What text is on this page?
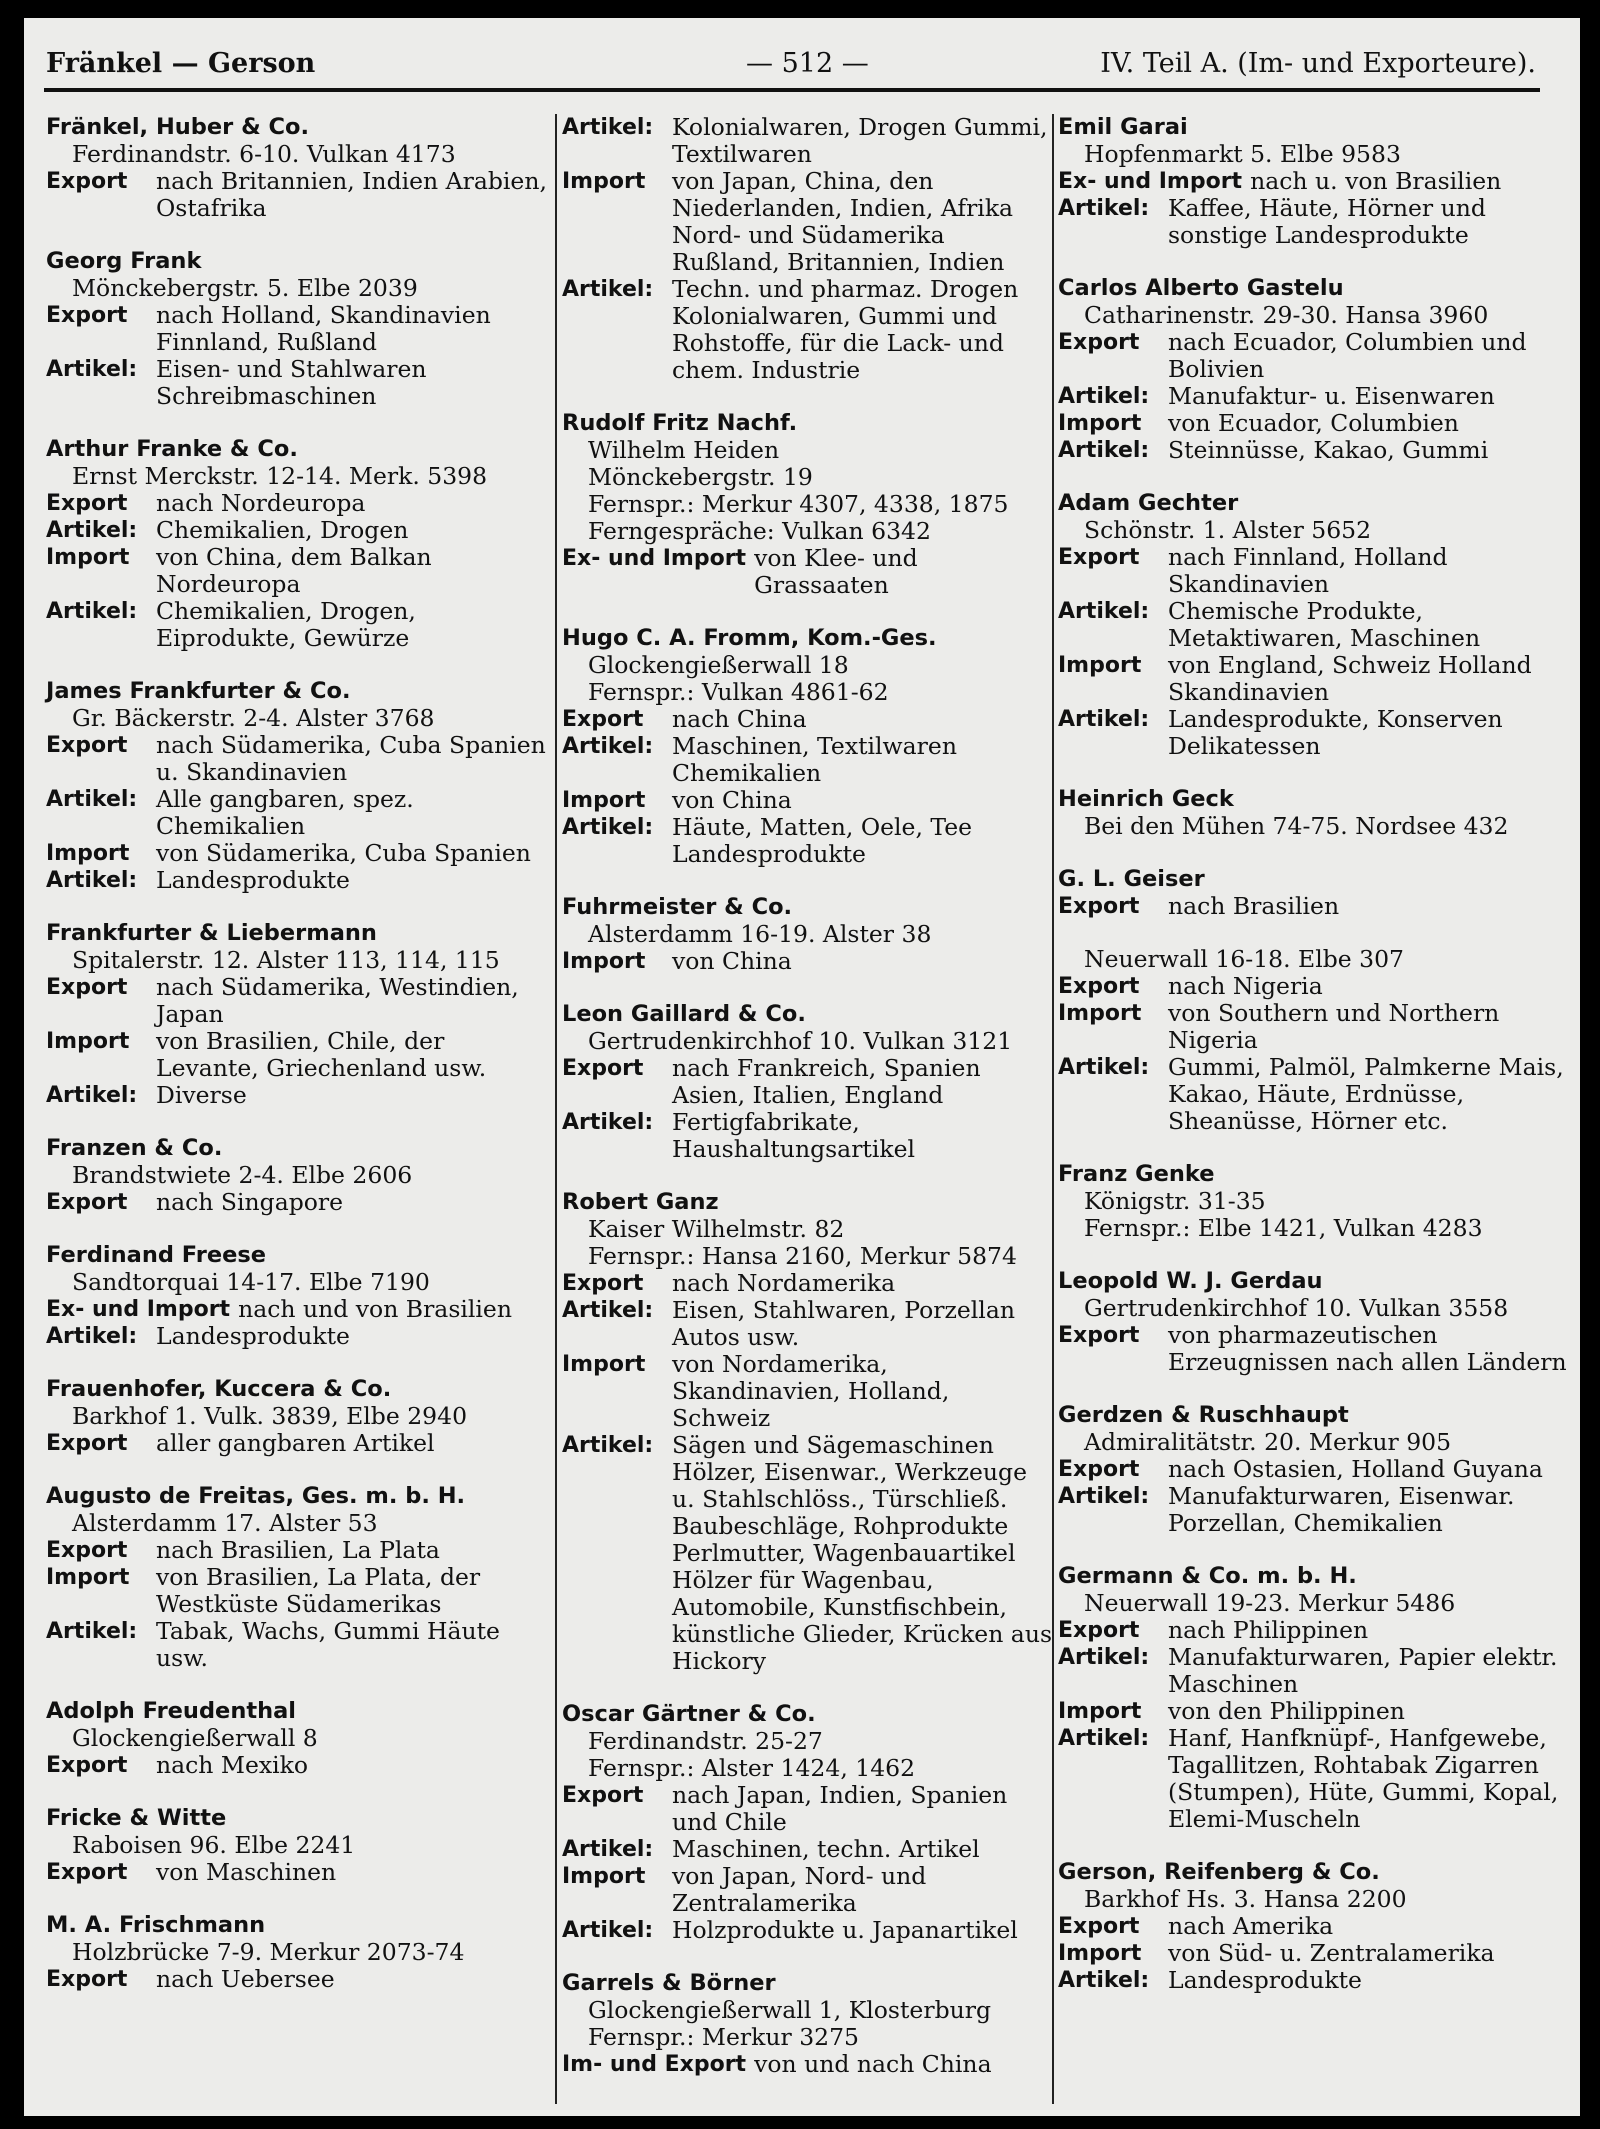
Fränkel — Gerson	— 512 —	IV. Teil A. (Im- und Exporteure).
Fränkel, Huber & Co.
Ferdinandstr. 6-10. Vulkan 4173
Export	nach Britannien, Indien Arabien, Ostafrika
Georg Frank
Mönckebergstr. 5. Elbe 2039
Export	nach Holland, Skandinavien Finnland, Rußland
Artikel: Eisen- und Stahlwaren Schreibmaschinen
Arthur Franke & Co.
Ernst Merckstr. 12-14. Merk. 5398
Export	nach Nordeuropa
Artikel: Chemikalien, Drogen
Import	von China, dem Balkan Nordeuropa
Artikel: Chemikalien, Drogen, Eiprodukte, Gewürze
James Frankfurter & Co.
Gr. Bäckerstr. 2-4. Alster 3768
Export	nach Südamerika, Cuba Spanien u. Skandinavien
Artikel: Alle gangbaren, spez. Chemikalien
Import	von Südamerika, Cuba Spanien
Artikel: Landesprodukte
Frankfurter & Liebermann
Spitalerstr. 12. Alster 113, 114, 115
Export	nach Südamerika, Westindien, Japan
Import	von Brasilien, Chile, der Levante, Griechenland usw.
Artikel: Diverse
Franzen & Co.
Brandstwiete 2-4. Elbe 2606
Export	nach Singapore
Ferdinand Freese
Sandtorquai 14-17. Elbe 7190
Ex- und Import nach und von Brasilien
Artikel: Landesprodukte
Frauenhofer, Kuccera & Co.
Barkhof 1. Vulk. 3839, Elbe 2940
Export	aller gangbaren Artikel
Augusto de Freitas, Ges. m. b. H.
Alsterdamm 17. Alster 53
Export	nach Brasilien, La Plata
Import	von Brasilien, La Plata, der Westküste Südamerikas
Artikel: Tabak, Wachs, Gummi Häute usw.
Adolph Freudenthal
Glockengießerwall 8
Export	nach Mexiko
Fricke & Witte
Raboisen 96. Elbe 2241
Export	von Maschinen
M. A. Frischmann
Holzbrücke 7-9. Merkur 2073-74
Export	nach Uebersee
Artikel: Kolonialwaren, Drogen Gummi, Textilwaren
Import	von Japan, China, den Niederlanden, Indien, Afrika Nord- und Südamerika Rußland, Britannien, Indien
Artikel: Techn. und pharmaz. Drogen Kolonialwaren, Gummi und Rohstoffe, für die Lack- und chem. Industrie
Rudolf Fritz Nachf.
Wilhelm Heiden
Mönckebergstr. 19
Fernspr.: Merkur 4307, 4338, 1875
Ferngespräche: Vulkan 6342
Ex- und Import von Klee- und Grassaaten
Hugo C. A. Fromm, Kom.-Ges.
Glockengießerwall 18
Fernspr.: Vulkan 4861-62
Export	nach China
Artikel: Maschinen, Textilwaren Chemikalien
Import	von China
Artikel: Häute, Matten, Oele, Tee Landesprodukte
Fuhrmeister & Co.
Alsterdamm 16-19. Alster 38
Import	von China
Leon Gaillard & Co.
Gertrudenkirchhof 10. Vulkan 3121
Export	nach Frankreich, Spanien Asien, Italien, England
Artikel: Fertigfabrikate, Haushaltungsartikel
Robert Ganz
Kaiser Wilhelmstr. 82
Fernspr.: Hansa 2160, Merkur 5874
Export	nach Nordamerika
Artikel: Eisen, Stahlwaren, Porzellan Autos usw.
Import	von Nordamerika, Skandinavien, Holland, Schweiz
Artikel: Sägen und Sägemaschinen Hölzer, Eisenwar., Werkzeuge u. Stahlschlöss., Türschließ. Baubeschläge, Rohprodukte Perlmutter, Wagenbauartikel Hölzer für Wagenbau, Automobile, Kunstfischbein, künstliche Glieder, Krücken aus Hickory
Oscar Gärtner & Co.
Ferdinandstr. 25-27
Fernspr.: Alster 1424, 1462
Export	nach Japan, Indien, Spanien und Chile
Artikel: Maschinen, techn. Artikel
Import	von Japan, Nord- und Zentralamerika
Artikel: Holzprodukte u. Japanartikel
Garrels & Börner
Glockengießerwall 1, Klosterburg
Fernspr.: Merkur 3275
Im- und Export von und nach China
Emil Garai
Hopfenmarkt 5. Elbe 9583
Ex- und Import nach u. von Brasilien
Artikel: Kaffee, Häute, Hörner und sonstige Landesprodukte
Carlos Alberto Gastelu
Catharinenstr. 29-30. Hansa 3960
Export	nach Ecuador, Columbien und Bolivien
Artikel: Manufaktur- u. Eisenwaren
Import	von Ecuador, Columbien
Artikel: Steinnüsse, Kakao, Gummi
Adam Gechter
Schönstr. 1. Alster 5652
Export	nach Finnland, Holland Skandinavien
Artikel: Chemische Produkte, Metaktiwaren, Maschinen
Import	von England, Schweiz Holland Skandinavien
Artikel: Landesprodukte, Konserven Delikatessen
Heinrich Geck
Bei den Mühen 74-75. Nordsee 432
G. L. Geiser
Export	nach Brasilien
Neuerwall 16-18. Elbe 307
Export	nach Nigeria
Import	von Southern und Northern Nigeria
Artikel: Gummi, Palmöl, Palmkerne Mais, Kakao, Häute, Erdnüsse, Sheanüsse, Hörner etc.
Franz Genke
Königstr. 31-35
Fernspr.: Elbe 1421, Vulkan 4283
Leopold W. J. Gerdau
Gertrudenkirchhof 10. Vulkan 3558
Export	von pharmazeutischen Erzeugnissen nach allen Ländern
Gerdzen & Ruschhaupt
Admiralitätstr. 20. Merkur 905
Export	nach Ostasien, Holland Guyana
Artikel: Manufakturwaren, Eisenwar. Porzellan, Chemikalien
Germann & Co. m. b. H.
Neuerwall 19-23. Merkur 5486
Export	nach Philippinen
Artikel: Manufakturwaren, Papier elektr. Maschinen
Import	von den Philippinen
Artikel: Hanf, Hanfknüpf-, Hanfgewebe, Tagallitzen, Rohtabak Zigarren (Stumpen), Hüte, Gummi, Kopal, Elemi-Muscheln
Gerson, Reifenberg & Co.
Barkhof Hs. 3. Hansa 2200
Export	nach Amerika
Import	von Süd- u. Zentralamerika
Artikel: Landesprodukte
